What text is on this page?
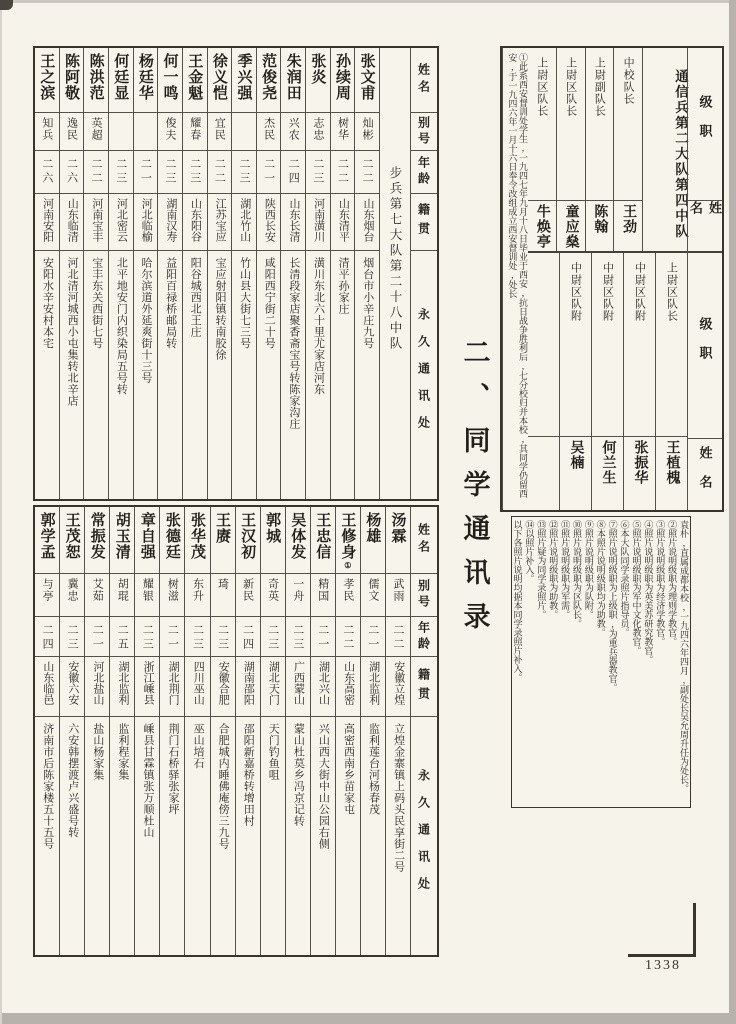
姓名
别号
年龄
籍贯
永久通讯处
步兵第七大队第二十八中队
张文甫
灿彬
二二
山东烟台
烟台市小辛庄九号
孙续周
树华
二二
山东清平
清平孙家庄
张炎
志忠
二三
河南潢川
潢川东北六十里尤家店河东
朱润田
兴农
二四
山东长清
长清段家店聚香斋宝号转陈家沟庄
范俊尧
杰民
二一
陕西长安
咸阳西宁街二十号
季兴强
二三
湖北竹山
竹山县大街七三号
徐义恺
宜民
二二
江苏宝应
宝应射阳镇转南胶徐
王金魁
耀春
二三
山东阳谷
阳谷城西北王庄
何一鸣
俊夫
二三
湖南汉寿
益阳百禄桥邮局转
杨廷华
二一
河北临榆
哈尔滨道外延爽街十三号
何廷显
二三
河北密云
北平地安门内织染局五号转
陈洪范
英超
二二
河南宝丰
宝丰东关西街七号
陈阿敬
逸民
二六
山东临清
河北清河城西小屯集转北辛店
王之滨
知兵
二六
河南安阳
安阳水辛安村本宅
姓名
别号
年龄
籍贯
永久通讯处
汤霖
武雨
二二
安徽立煌
立煌金寨镇上码头民享街二号
杨雄
儒文
二一
湖北监利
监利莲台河杨春茂
王修身①
孝民
二二
山东高密
高密西南乡苗家屯
王忠信
精国
二一
湖北兴山
兴山西大街中山公园右侧
吴体发
一舟
二三
广西蒙山
蒙山杜莫乡冯京记转
郭城
奇英
二三
湖北天门
天门钓鱼咀
王汉初
新民
二四
湖南邵阳
邵阳新嘉桥转增田村
王赓
琦
二三
安徽合肥
合肥城内睡佛庵傍三九号
张华茂
东升
二三
四川巫山
巫山培石
张德廷
树滋
二一
湖北荆门
荆门石桥驿张家坪
章自强
耀银
二三
浙江嵊县
嵊县甘霖镇张万顺杜山
胡玉清
胡琨
二五
湖北监利
监利程家集
常振发
艾茹
二一
河北盐山
盐山杨家集
王茂恕
冀忠
二三
安徽六安
六安韩摆渡卢兴盛号转
郭学孟
与亭
二四
山东临邑
济南市后陈家楼五十五号
二、同学通讯录
级职
姓名
级职
姓名
通信兵第二大队第四中队
中校队长
王劲
上尉副队长
陈翰
上尉区队长
童应燊
上尉区队长
牛焕亭
上尉区队长
王植槐
中尉区队附
张振华
中尉区队附
何兰生
中尉区队附
吴楠
①此系西安督训处学生,一九四七年九月十八日毕业于西安,抗日战争胜利后,七分校归并本校,其同学仍留西安,于一九四六年一月十六日奉令改组成立西安督训处,处长
袁朴,直属成都本校,一九四六年四月,副处长吴允周升任为处长。
②照片说明级职为理则学教官。
③照片说明级职为经济学教官。
④照片说明级职为英美苏研究教官。
⑤照片说明级职为军中文化教官。
⑥本大队同学录照片指导员。
⑦照片说明级职为上级职,为重兵器教官。
⑧本照片说明级职均为助教。
⑨照片说明级职为队附。
⑩照片说明级职为区队长。
⑪照片说明级职为军需。
⑫照片说明级职为助教。
⑬照片疑为同学录照片。
⑭以照片补入。
以下各照片说明均据本同学录照片补入。
1338
